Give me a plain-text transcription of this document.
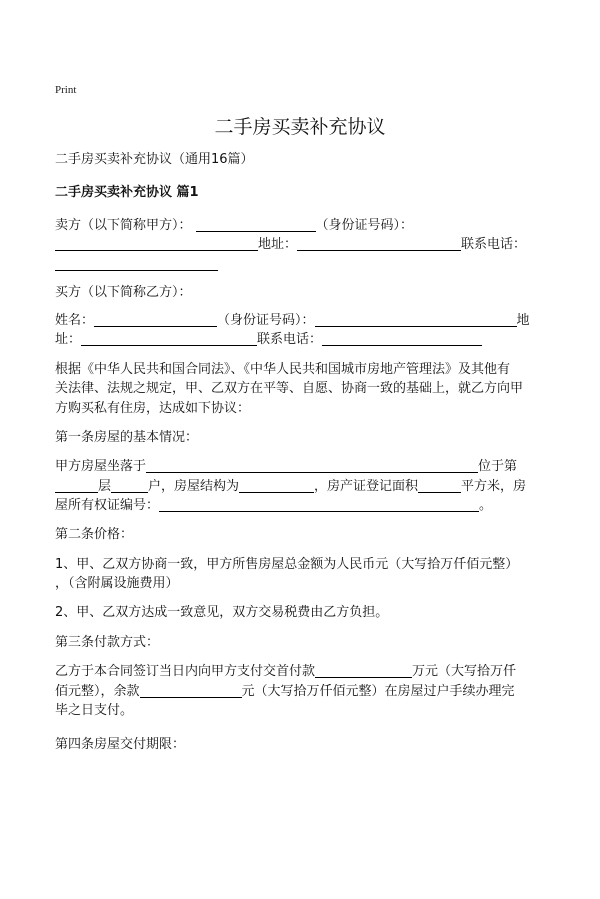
Print
二手房买卖补充协议
二手房买卖补充协议（通用16篇）
二手房买卖补充协议 篇1
卖方（以下简称甲方）：	（身份证号码）：
地址：	联系电话：
买方（以下简称乙方）：
姓名：	（身份证号码）：	地
址：	联系电话：
根据《中华人民共和国合同法》、《中华人民共和国城市房地产管理法》及其他有
关法律、法规之规定，甲、乙双方在平等、自愿、协商一致的基础上，就乙方向甲
方购买私有住房，达成如下协议：
第一条房屋的基本情况：
甲方房屋坐落于	位于第
层	户，房屋结构为	，房产证登记面积	平方米，房
屋所有权证编号：	。
第二条价格：
1、甲、乙双方协商一致，甲方所售房屋总金额为人民币元（大写拾万仟佰元整）
，（含附属设施费用）
2、甲、乙双方达成一致意见，双方交易税费由乙方负担。
第三条付款方式：
乙方于本合同签订当日内向甲方支付交首付款	万元（大写拾万仟
佰元整），余款	元（大写拾万仟佰元整）在房屋过户手续办理完
毕之日支付。
第四条房屋交付期限：
